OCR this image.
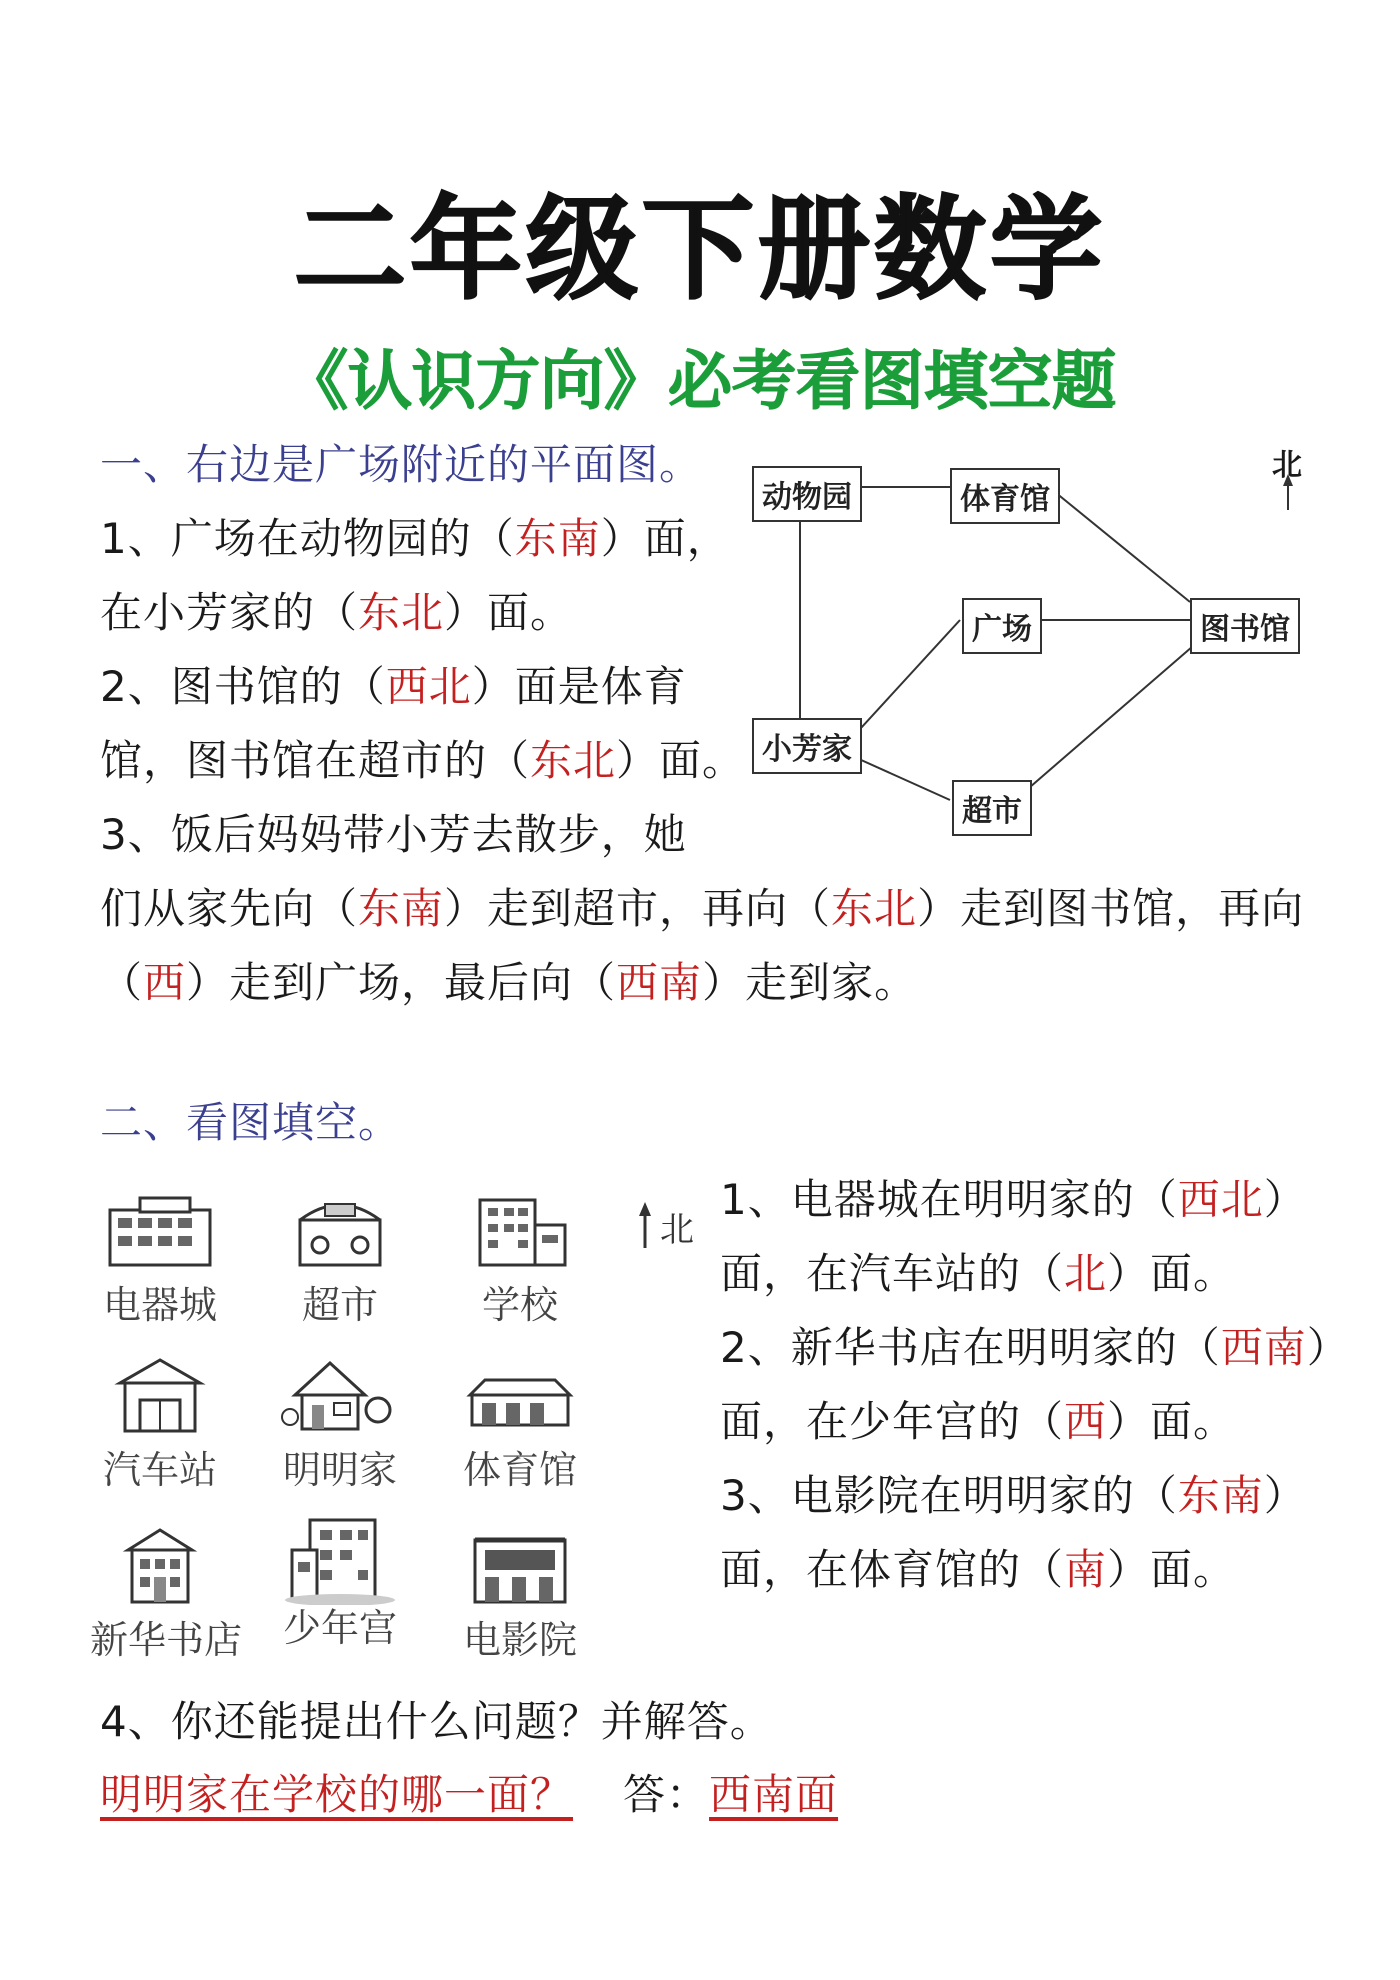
二年级下册数学
《认识方向》必考看图填空题
一、右边是广场附近的平面图。
1、广场在动物园的（东南）面，
在小芳家的（东北）面。
2、图书馆的（西北）面是体育
馆，图书馆在超市的（东北）面。
3、饭后妈妈带小芳去散步，她
们从家先向（东南）走到超市，再向（东北）走到图书馆，再向
（西）走到广场，最后向（西南）走到家。
动物园	体育馆
广场	图书馆
小芳家
超市
北
二、看图填空。
北
电器城	超市	学校
汽车站	明明家	体育馆
新华书店	少年宫	电影院
1、电器城在明明家的（西北）
面，在汽车站的（北）面。
2、新华书店在明明家的（西南）
面，在少年宫的（西）面。
3、电影院在明明家的（东南）
面，在体育馆的（南）面。
4、你还能提出什么问题？并解答。
明明家在学校的哪一面？ 答：西南面
